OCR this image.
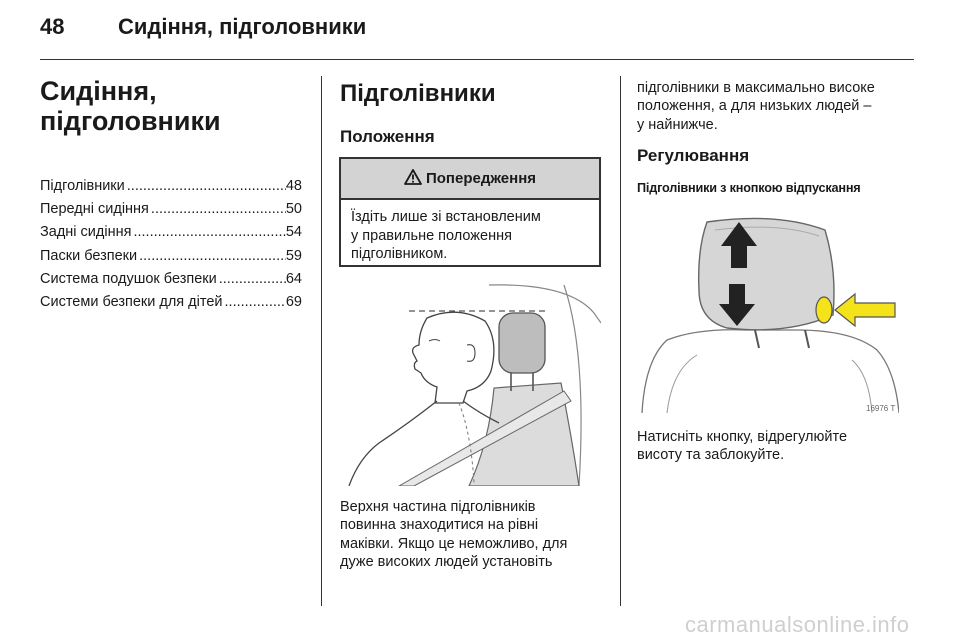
48 Сидіння, підголовники
Сидіння,
підголовники
Підголівники .....	48
Передні сидіння .....	50
Задні сидіння .....	54
Паски безпеки .....	59
Система подушок безпеки .....	64
Системи безпеки для дітей .....	69
Підголівники
Положення
Попередження
Їздіть лише зі встановленим
у правильне положення
підголівником.
Верхня частина підголівників
повинна знаходитися на рівні
маківки. Якщо це неможливо, для
дуже високих людей установіть
підголівники в максимально високе
положення, а для низьких людей –
у найнижче.
Регулювання
Підголівники з кнопкою відпускання
16976 T
Натисніть кнопку, відрегулюйте
висоту та заблокуйте.
carmanualsonline.info
